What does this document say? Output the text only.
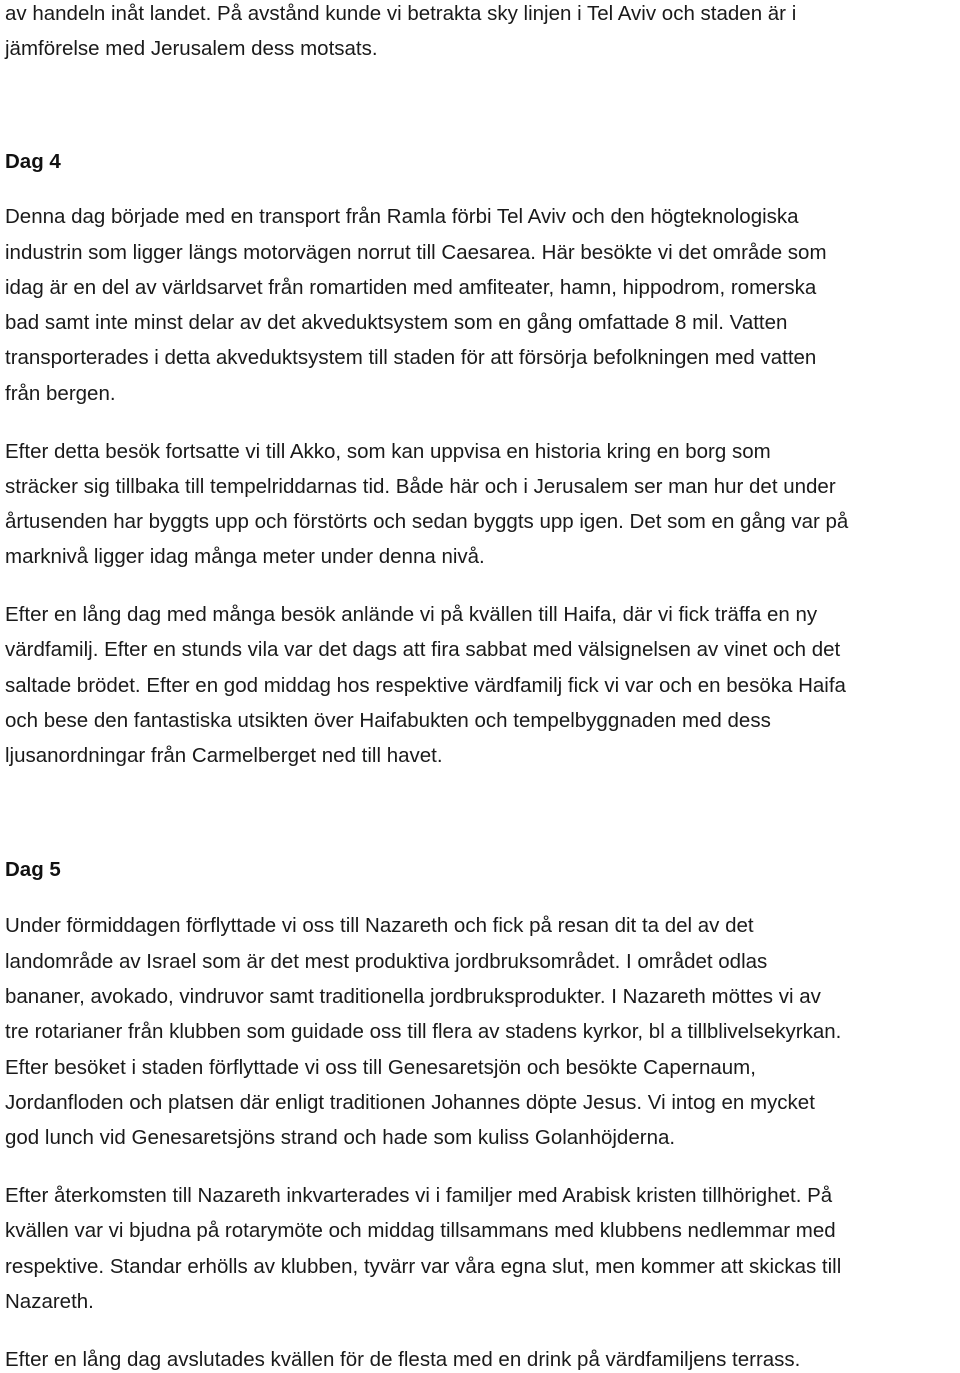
av handeln inåt landet. På avstånd kunde vi betrakta sky linjen i Tel Aviv och staden är i
jämförelse med Jerusalem dess motsats.
Dag 4
Denna dag började med en transport från Ramla förbi Tel Aviv och den högteknologiska
industrin som ligger längs motorvägen norrut till Caesarea. Här besökte vi det område som
idag är en del av världsarvet från romartiden med amfiteater, hamn, hippodrom, romerska
bad samt inte minst delar av det akveduktsystem som en gång omfattade 8 mil. Vatten
transporterades i detta akveduktsystem till staden för att försörja befolkningen med vatten
från bergen.
Efter detta besök fortsatte vi till Akko, som kan uppvisa en historia kring en borg som
sträcker sig tillbaka till tempelriddarnas tid. Både här och i Jerusalem ser man hur det under
årtusenden har byggts upp och förstörts och sedan byggts upp igen. Det som en gång var på
marknivå ligger idag många meter under denna nivå.
Efter en lång dag med många besök anlände vi på kvällen till Haifa, där vi fick träffa en ny
värdfamilj. Efter en stunds vila var det dags att fira sabbat med välsignelsen av vinet och det
saltade brödet. Efter en god middag hos respektive värdfamilj fick vi var och en besöka Haifa
och bese den fantastiska utsikten över Haifabukten och tempelbyggnaden med dess
ljusanordningar från Carmelberget ned till havet.
Dag 5
Under förmiddagen förflyttade vi oss till Nazareth och fick på resan dit ta del av det
landområde av Israel som är det mest produktiva jordbruksområdet. I området odlas
bananer, avokado, vindruvor samt traditionella jordbruksprodukter. I Nazareth möttes vi av
tre rotarianer från klubben som guidade oss till flera av stadens kyrkor, bl a tillblivelsekyrkan.
Efter besöket i staden förflyttade vi oss till Genesaretsjön och besökte Capernaum,
Jordanfloden och platsen där enligt traditionen Johannes döpte Jesus. Vi intog en mycket
god lunch vid Genesaretsjöns strand och hade som kuliss Golanhöjderna.
Efter återkomsten till Nazareth inkvarterades vi i familjer med Arabisk kristen tillhörighet. På
kvällen var vi bjudna på rotarymöte och middag tillsammans med klubbens nedlemmar med
respektive. Standar erhölls av klubben, tyvärr var våra egna slut, men kommer att skickas till
Nazareth.
Efter en lång dag avslutades kvällen för de flesta med en drink på värdfamiljens terrass.
